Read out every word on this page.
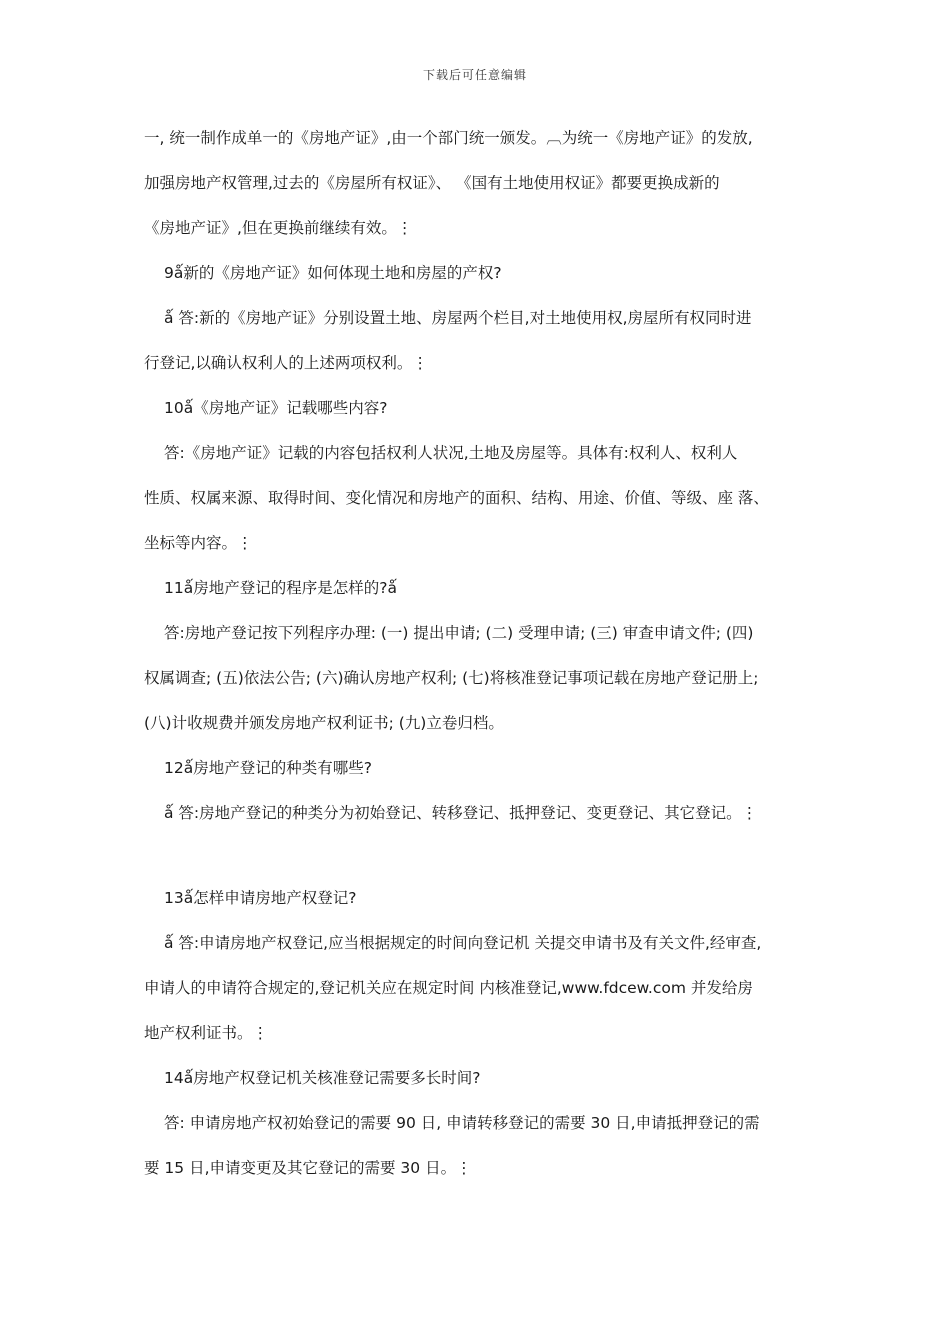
下载后可任意编辑
一, 统一制作成单一的《房地产证》,由一个部门统一颁发。︹为统一《房地产证》的发放,
加强房地产权管理,过去的《房屋所有权证》、 《国有土地使用权证》都要更换成新的
《房地产证》,但在更换前继续有效。⋮
9ǻ新的《房地产证》如何体现土地和房屋的产权?
ǻ 答:新的《房地产证》分别设置土地、房屋两个栏目,对土地使用权,房屋所有权同时进
行登记,以确认权利人的上述两项权利。⋮
10ǻ《房地产证》记载哪些内容?
答:《房地产证》记载的内容包括权利人状况,土地及房屋等。具体有:权利人、权利人
性质、权属来源、取得时间、变化情况和房地产的面积、结构、用途、价值、等级、座 落、
坐标等内容。⋮
11ǻ房地产登记的程序是怎样的?ǻ
答:房地产登记按下列程序办理: (一) 提出申请; (二) 受理申请; (三) 审查申请文件; (四)
权属调查; (五)依法公告; (六)确认房地产权利; (七)将核准登记事项记载在房地产登记册上;
(八)计收规费并颁发房地产权利证书; (九)立卷归档。
12ǻ房地产登记的种类有哪些?
ǻ 答:房地产登记的种类分为初始登记、转移登记、抵押登记、变更登记、其它登记。⋮
13ǻ怎样申请房地产权登记?
ǻ 答:申请房地产权登记,应当根据规定的时间向登记机 关提交申请书及有关文件,经审查,
申请人的申请符合规定的,登记机关应在规定时间 内核准登记,www.fdcew.com 并发给房
地产权利证书。⋮
14ǻ房地产权登记机关核准登记需要多长时间?
答: 申请房地产权初始登记的需要 90 日, 申请转移登记的需要 30 日,申请抵押登记的需
要 15 日,申请变更及其它登记的需要 30 日。⋮
